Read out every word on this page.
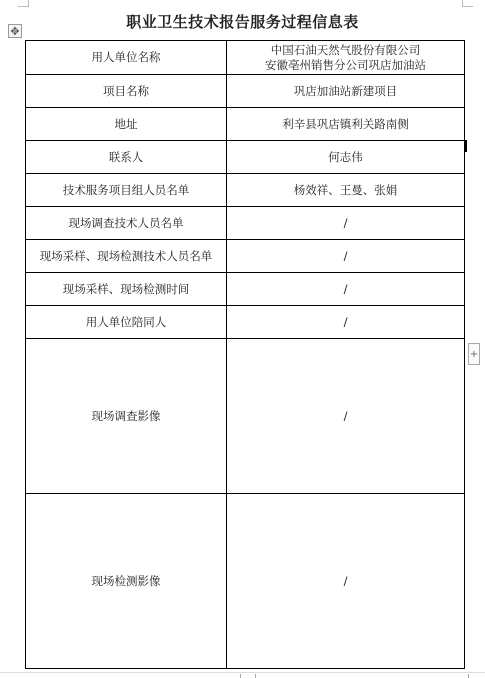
✥	职业卫生技术报告服务过程信息表
用人单位名称	中国石油天然气股份有限公司
安徽亳州销售分公司巩店加油站

项目名称	巩店加油站新建项目
地址	利辛县巩店镇利关路南侧
联系人	何志伟
技术服务项目组人员名单	杨效祥、王曼、张娟
现场调查技术人员名单	/
现场采样、现场检测技术人员名单	/
现场采样、现场检测时间	/
用人单位陪同人	/
现场调查影像	/
现场检测影像	/
+
